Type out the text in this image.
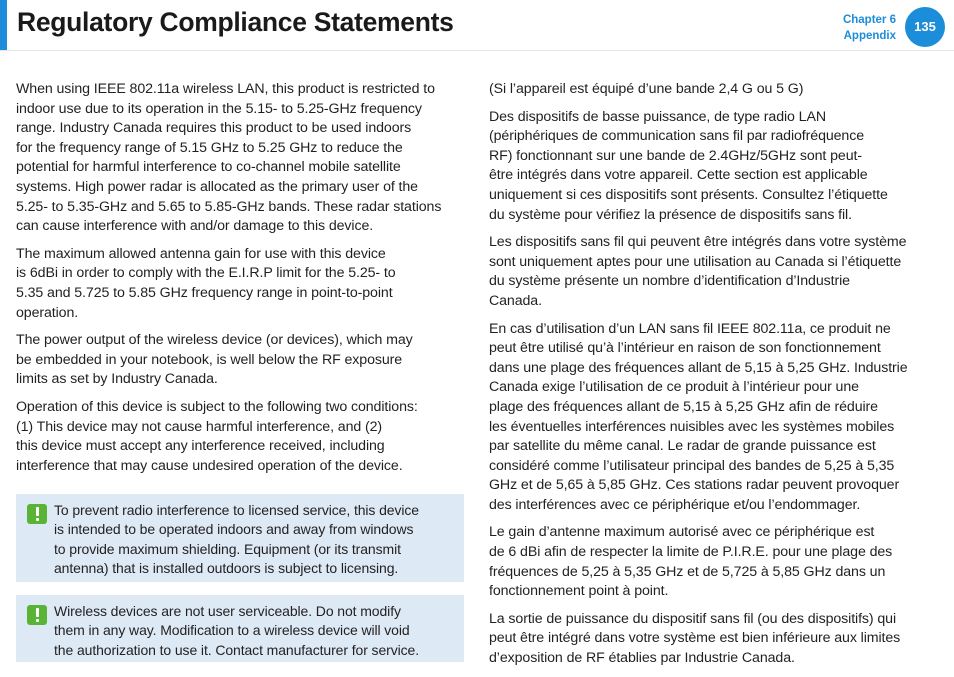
Regulatory Compliance Statements	Chapter 6
Appendix
135

When using IEEE 802.11a wireless LAN, this product is restricted to
indoor use due to its operation in the 5.15- to 5.25-GHz frequency
range. Industry Canada requires this product to be used indoors
for the frequency range of 5.15 GHz to 5.25 GHz to reduce the
potential for harmful interference to co-channel mobile satellite
systems. High power radar is allocated as the primary user of the
5.25- to 5.35-GHz and 5.65 to 5.85-GHz bands. These radar stations
can cause interference with and/or damage to this device.

The maximum allowed antenna gain for use with this device
is 6dBi in order to comply with the E.I.R.P limit for the 5.25- to
5.35 and 5.725 to 5.85 GHz frequency range in point-to-point
operation.

The power output of the wireless device (or devices), which may
be embedded in your notebook, is well below the RF exposure
limits as set by Industry Canada.

Operation of this device is subject to the following two conditions:
(1) This device may not cause harmful interference, and (2)
this device must accept any interference received, including
interference that may cause undesired operation of the device.

To prevent radio interference to licensed service, this device
is intended to be operated indoors and away from windows
to provide maximum shielding. Equipment (or its transmit
antenna) that is installed outdoors is subject to licensing.

Wireless devices are not user serviceable. Do not modify
them in any way. Modification to a wireless device will void
the authorization to use it. Contact manufacturer for service.

(Si l’appareil est équipé d’une bande 2,4 G ou 5 G)

Des dispositifs de basse puissance, de type radio LAN
(périphériques de communication sans fil par radiofréquence
RF) fonctionnant sur une bande de 2.4GHz/5GHz sont peut-
être intégrés dans votre appareil. Cette section est applicable
uniquement si ces dispositifs sont présents. Consultez l’étiquette
du système pour vérifiez la présence de dispositifs sans fil.

Les dispositifs sans fil qui peuvent être intégrés dans votre système
sont uniquement aptes pour une utilisation au Canada si l’étiquette
du système présente un nombre d’identification d’Industrie
Canada.

En cas d’utilisation d’un LAN sans fil IEEE 802.11a, ce produit ne
peut être utilisé qu’à l’intérieur en raison de son fonctionnement
dans une plage des fréquences allant de 5,15 à 5,25 GHz. Industrie
Canada exige l’utilisation de ce produit à l’intérieur pour une
plage des fréquences allant de 5,15 à 5,25 GHz afin de réduire
les éventuelles interférences nuisibles avec les systèmes mobiles
par satellite du même canal. Le radar de grande puissance est
considéré comme l’utilisateur principal des bandes de 5,25 à 5,35
GHz et de 5,65 à 5,85 GHz. Ces stations radar peuvent provoquer
des interférences avec ce périphérique et/ou l’endommager.

Le gain d’antenne maximum autorisé avec ce périphérique est
de 6 dBi afin de respecter la limite de P.I.R.E. pour une plage des
fréquences de 5,25 à 5,35 GHz et de 5,725 à 5,85 GHz dans un
fonctionnement point à point.

La sortie de puissance du dispositif sans fil (ou des dispositifs) qui
peut être intégré dans votre système est bien inférieure aux limites
d’exposition de RF établies par Industrie Canada.
